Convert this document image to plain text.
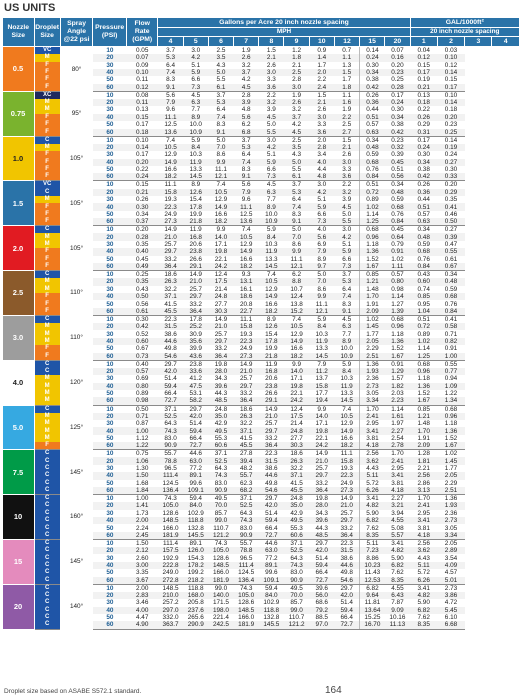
US UNITS
Nozzle Size	Droplet Size	Spray Angle @22 psi	Pressure (PSI)	Flow Rate (GPM)	Gallons per Acre 20 inch nozzle spacing										GAL/1000ft²			
					MPH										20 inch nozzle spacing			
					4	5	6	7	8	9	10	12	15	20	1	2	3	4
0.5	VC	80°	10	0.05	3.7	3.0	2.5	1.9	1.5	1.2	0.9	0.7	0.14	0.07	0.04	0.03		
	M		20	0.07	5.3	4.2	3.5	2.6	2.1	1.8	1.4	1.1	0.24	0.16	0.12	0.10		
	F		30	0.09	6.4	5.1	4.3	3.2	2.6	2.1	1.7	1.3	0.30	0.20	0.15	0.12		
	F		40	0.10	7.4	5.9	5.0	3.7	3.0	2.5	2.0	1.5	0.34	0.23	0.17	0.14		
	F		50	0.11	8.3	6.6	5.5	4.2	3.3	2.8	2.2	1.7	0.38	0.25	0.19	0.15		
	F		60	0.12	9.1	7.3	6.1	4.5	3.6	3.0	2.4	1.8	0.42	0.28	0.21	0.17		
0.75	XC	95°	10	0.08	5.6	4.5	3.7	2.8	2.2	1.9	1.5	1.1	0.26	0.17	0.13	0.10		
	M		20	0.11	7.9	6.3	5.3	3.9	3.2	2.6	2.1	1.6	0.36	0.24	0.18	0.14		
	M		30	0.13	9.6	7.7	6.4	4.8	3.9	3.2	2.6	1.9	0.44	0.30	0.22	0.18		
	F		40	0.15	11.1	8.9	7.4	5.6	4.5	3.7	3.0	2.2	0.51	0.34	0.26	0.20		
	F		50	0.17	12.5	10.0	8.3	6.2	5.0	4.2	3.3	2.5	0.57	0.38	0.29	0.23		
	F		60	0.18	13.6	10.9	9.1	6.8	5.5	4.5	3.6	2.7	0.63	0.42	0.31	0.25		
1.0	C	105°	10	0.10	7.4	5.9	5.0	3.7	3.0	2.5	2.0	1.5	0.34	0.23	0.17	0.14		
	M		20	0.14	10.5	8.4	7.0	5.3	4.2	3.5	2.8	2.1	0.48	0.32	0.24	0.19		
	F		30	0.17	12.9	10.3	8.6	6.4	5.1	4.3	3.4	2.6	0.59	0.39	0.30	0.24		
	F		40	0.20	14.9	11.9	9.9	7.4	5.9	5.0	4.0	3.0	0.68	0.45	0.34	0.27		
	F		50	0.22	16.6	13.3	11.1	8.3	6.6	5.5	4.4	3.3	0.76	0.51	0.38	0.30		
	F		60	0.24	18.2	14.5	12.1	9.1	7.3	6.1	4.8	3.6	0.84	0.56	0.42	0.33		
1.5	VC	105°	10	0.15	11.1	8.9	7.4	5.6	4.5	3.7	3.0	2.2	0.51	0.34	0.26	0.20		
	C		20	0.21	15.8	12.6	10.5	7.9	6.3	5.3	4.2	3.2	0.72	0.48	0.36	0.29		
	M		30	0.26	19.3	15.4	12.9	9.6	7.7	6.4	5.1	3.9	0.89	0.59	0.44	0.35		
	F		40	0.30	22.3	17.8	14.9	11.1	8.9	7.4	5.9	4.5	1.02	0.68	0.51	0.41		
	F		50	0.34	24.9	19.9	16.6	12.5	10.0	8.3	6.6	5.0	1.14	0.76	0.57	0.46		
	F		60	0.37	27.3	21.8	18.2	13.6	10.9	9.1	7.3	5.5	1.25	0.84	0.63	0.50		
2.0	C	105°	10	0.20	14.9	11.9	9.9	7.4	5.9	5.0	4.0	3.0	0.68	0.45	0.34	0.27		
	M		20	0.28	21.0	16.8	14.0	10.5	8.4	7.0	5.6	4.2	0.96	0.64	0.48	0.39		
	M		30	0.35	25.7	20.6	17.1	12.9	10.3	8.6	6.9	5.1	1.18	0.79	0.59	0.47		
	F		40	0.40	29.7	23.8	19.8	14.9	11.9	9.9	7.9	5.9	1.36	0.91	0.68	0.55		
	F		50	0.45	33.2	26.6	22.1	16.6	13.3	11.1	8.9	6.6	1.52	1.02	0.76	0.61		
	F		60	0.49	36.4	29.1	24.2	18.2	14.5	12.1	9.7	7.3	1.67	1.11	0.84	0.67		
2.5	C	110°	10	0.25	18.6	14.9	12.4	9.3	7.4	6.2	5.0	3.7	0.85	0.57	0.43	0.34		
	M		20	0.35	26.3	21.0	17.5	13.1	10.5	8.8	7.0	5.3	1.21	0.80	0.60	0.48		
	M		30	0.43	32.2	25.7	21.4	16.1	12.9	10.7	8.6	6.4	1.48	0.98	0.74	0.59		
	F		40	0.50	37.1	29.7	24.8	18.6	14.9	12.4	9.9	7.4	1.70	1.14	0.85	0.68		
	F		50	0.56	41.5	33.2	27.7	20.8	16.6	13.8	11.1	8.3	1.91	1.27	0.95	0.76		
	F		60	0.61	45.5	36.4	30.3	22.7	18.2	15.2	12.1	9.1	2.09	1.39	1.04	0.84		
3.0	C	110°	10	0.30	22.3	17.8	14.9	11.1	8.9	7.4	5.9	4.5	1.02	0.68	0.51	0.41		
	M		20	0.42	31.5	25.2	21.0	15.8	12.6	10.5	8.4	6.3	1.45	0.96	0.72	0.58		
	M		30	0.52	38.6	30.9	25.7	19.3	15.4	12.9	10.3	7.7	1.77	1.18	0.89	0.71		
	M		40	0.60	44.6	35.6	29.7	22.3	17.8	14.9	11.9	8.9	2.05	1.36	1.02	0.82		
	F		50	0.67	49.8	39.9	33.2	24.9	19.9	16.6	13.3	10.0	2.29	1.52	1.14	0.91		
	F		60	0.73	54.6	43.6	36.4	27.3	21.8	18.2	14.5	10.9	2.51	1.67	1.25	1.00		
4.0	C	120°	10	0.40	29.7	23.8	19.8	14.9	11.9	9.9	7.9	5.9	1.36	0.91	0.68	0.55		
	C		20	0.57	42.0	33.6	28.0	21.0	16.8	14.0	11.2	8.4	1.93	1.29	0.96	0.77		
	M		30	0.69	51.4	41.2	34.3	25.7	20.6	17.1	13.7	10.3	2.36	1.57	1.18	0.94		
	M		40	0.80	59.4	47.5	39.6	29.7	23.8	19.8	15.8	11.9	2.73	1.82	1.36	1.09		
	M		50	0.89	66.4	53.1	44.3	33.2	26.6	22.1	17.7	13.3	3.05	2.03	1.52	1.22		
	M		60	0.98	72.7	58.2	48.5	36.4	29.1	24.2	19.4	14.5	3.34	2.23	1.67	1.34		
5.0	C	125°	10	0.50	37.1	29.7	24.8	18.6	14.9	12.4	9.9	7.4	1.70	1.14	0.85	0.68		
	M		20	0.71	52.5	42.0	35.0	26.3	21.0	17.5	14.0	10.5	2.41	1.61	1.21	0.96		
	M		30	0.87	64.3	51.4	42.9	32.2	25.7	21.4	17.1	12.9	2.95	1.97	1.48	1.18		
	M		40	1.00	74.3	59.4	49.5	37.1	29.7	24.8	19.8	14.9	3.41	2.27	1.70	1.36		
	M		50	1.12	83.0	66.4	55.3	41.5	33.2	27.7	22.1	16.6	3.81	2.54	1.91	1.52		
	F		60	1.22	90.9	72.7	60.6	45.5	36.4	30.3	24.2	18.2	4.18	2.78	2.09	1.67		
7.5	C	145°	10	0.75	55.7	44.6	37.1	27.8	22.3	18.6	14.9	11.1	2.56	1.70	1.28	1.02		
	C		20	1.06	78.8	63.0	52.5	39.4	31.5	26.3	21.0	15.8	3.62	2.41	1.81	1.45		
	C		30	1.30	96.5	77.2	64.3	48.2	38.6	32.2	25.7	19.3	4.43	2.95	2.21	1.77		
	C		40	1.50	111.4	89.1	74.3	55.7	44.6	37.1	29.7	22.3	5.11	3.41	2.56	2.05		
	C		50	1.68	124.5	99.6	83.0	62.3	49.8	41.5	33.2	24.9	5.72	3.81	2.86	2.29		
	C		60	1.84	136.4	109.1	90.9	68.2	54.6	45.5	36.4	27.3	6.26	4.18	3.13	2.51		
10	C	160°	10	1.00	74.3	59.4	49.5	37.1	29.7	24.8	19.8	14.9	3.41	2.27	1.70	1.36		
	C		20	1.41	105.0	84.0	70.0	52.5	42.0	35.0	28.0	21.0	4.82	3.21	2.41	1.93		
	C		30	1.73	128.6	102.9	85.7	64.3	51.4	42.9	34.3	25.7	5.90	3.94	2.95	2.36		
	C		40	2.00	148.5	118.8	99.0	74.3	59.4	49.5	39.6	29.7	6.82	4.55	3.41	2.73		
	C		50	2.24	166.0	132.8	110.7	83.0	66.4	55.3	44.3	33.2	7.62	5.08	3.81	3.05		
	C		60	2.45	181.9	145.5	121.2	90.9	72.7	60.6	48.5	36.4	8.35	5.57	4.18	3.34		
15	C	145°	10	1.50	111.4	89.1	74.3	55.7	44.6	37.1	29.7	22.3	5.11	3.41	2.56	2.05		
	C		20	2.12	157.5	126.0	105.0	78.8	63.0	52.5	42.0	31.5	7.23	4.82	3.62	2.89		
	C		30	2.60	192.9	154.3	128.6	96.5	77.2	64.3	51.4	38.6	8.86	5.90	4.43	3.54		
	C		40	3.00	222.8	178.2	148.5	111.4	89.1	74.3	59.4	44.6	10.23	6.82	5.11	4.09		
	C		50	3.35	249.0	199.2	166.0	124.5	99.6	83.0	66.4	49.8	11.43	7.62	5.72	4.57		
	C		60	3.67	272.8	218.2	181.9	136.4	109.1	90.9	72.7	54.6	12.53	8.35	6.26	5.01		
20	C	140°	10	2.00	148.5	118.8	99.0	74.3	59.4	49.5	39.6	29.7	6.82	4.55	3.41	2.73		
	C		20	2.83	210.0	168.0	140.0	105.0	84.0	70.0	56.0	42.0	9.64	6.43	4.82	3.86		
	C		30	3.46	257.2	205.8	171.5	128.6	102.9	85.7	68.6	51.4	11.81	7.87	5.90	4.72		
	C		40	4.00	297.0	237.6	198.0	148.5	118.8	99.0	79.2	59.4	13.64	9.09	6.82	5.45		
	C		50	4.47	332.0	265.6	221.4	166.0	132.8	110.7	88.5	66.4	15.25	10.16	7.62	6.10		
	C		60	4.90	363.7	290.9	242.5	181.9	145.5	121.2	97.0	72.7	16.70	11.13	8.35	6.68		
Droplet size based on ASABE S572.1 standard.	164
